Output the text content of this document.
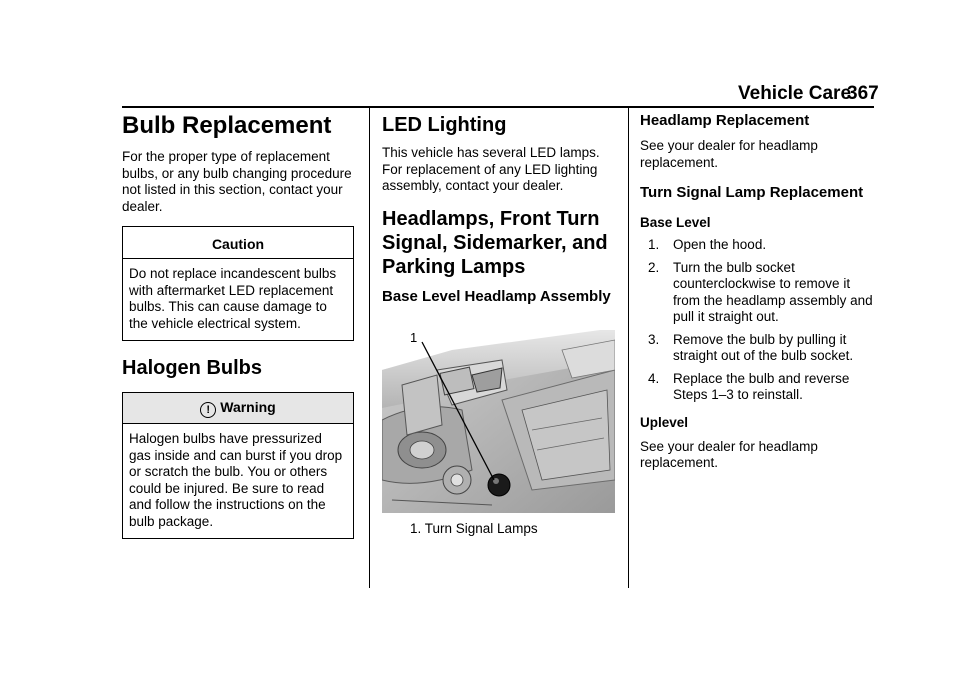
Vehicle Care
367
Bulb Replacement

For the proper type of replacement bulbs, or any bulb changing procedure not listed in this section, contact your dealer.

Caution
Do not replace incandescent bulbs with aftermarket LED replacement bulbs. This can cause damage to the vehicle electrical system.
Halogen Bulbs
! Warning
Halogen bulbs have pressurized gas inside and can burst if you drop or scratch the bulb. You or others could be injured. Be sure to read and follow the instructions on the bulb package.
LED Lighting

This vehicle has several LED lamps. For replacement of any LED lighting assembly, contact your dealer.

Headlamps, Front Turn Signal, Sidemarker, and Parking Lamps
Base Level Headlamp Assembly
1
1. Turn Signal Lamps
Headlamp Replacement

See your dealer for headlamp replacement.

Turn Signal Lamp Replacement
Base Level
1. Open the hood.
2. Turn the bulb socket counterclockwise to remove it from the headlamp assembly and pull it straight out.
3. Remove the bulb by pulling it straight out of the bulb socket.
4. Replace the bulb and reverse Steps 1–3 to reinstall.
Uplevel

See your dealer for headlamp replacement.
